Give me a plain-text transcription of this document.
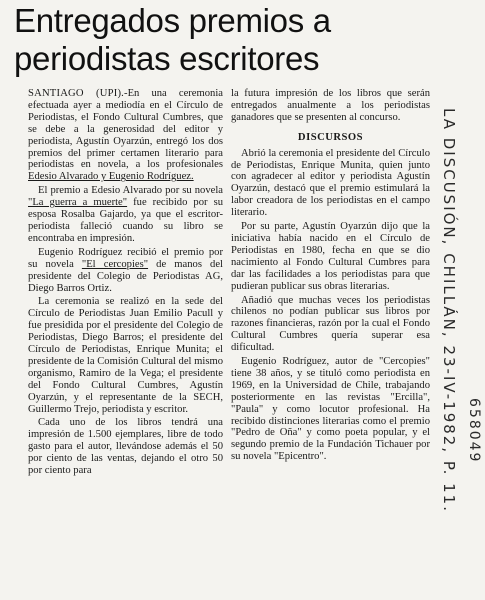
Entregados premios a
periodistas escritores

SANTIAGO (UPI).-En una ceremonia efectuada ayer a mediodía en el Círculo de Periodistas, el Fondo Cultural Cumbres, que se debe a la generosidad del editor y periodista, Agustín Oyarzún, entregó los dos premios del primer certamen literario para periodistas en novela, a los profesionales Edesio Alvarado y Eugenio Rodríguez.

El premio a Edesio Alvarado por su novela "La guerra a muerte" fue recibido por su esposa Rosalba Gajardo, ya que el escritor-periodista falleció cuando su libro se encontraba en impresión.

Eugenio Rodríguez recibió el premio por su novela "El cercopies" de manos del presidente del Colegio de Periodistas AG, Diego Barros Ortiz.

La ceremonia se realizó en la sede del Círculo de Periodistas Juan Emilio Pacull y fue presidida por el presidente del Colegio de Periodistas, Diego Barros; el presidente del Círculo de Periodistas, Enrique Munita; el presidente de la Comisión Cultural del mismo organismo, Ramiro de la Vega; el presidente del Fondo Cultural Cumbres, Agustín Oyarzún, y el representante de la SECH, Guillermo Trejo, periodista y escritor.

Cada uno de los libros tendrá una impresión de 1.500 ejemplares, libre de todo gasto para el autor, llevándose además el 50 por ciento de las ventas, dejando el otro 50 por ciento para

la futura impresión de los libros que serán entregados anualmente a los periodistas ganadores que se presenten al concurso.

DISCURSOS

Abrió la ceremonia el presidente del Círculo de Periodistas, Enrique Munita, quien junto con agradecer al editor y periodista Agustín Oyarzún, destacó que el premio estimulará la labor creadora de los periodistas en el campo literario.

Por su parte, Agustín Oyarzún dijo que la iniciativa había nacido en el Círculo de Periodistas en 1980, fecha en que se dio nacimiento al Fondo Cultural Cumbres para dar las facilidades a los periodistas para que pudieran publicar sus obras literarias.

Añadió que muchas veces los periodistas chilenos no podían publicar sus libros por razones financieras, razón por la cual el Fondo Cultural Cumbres quería superar esa dificultad.

Eugenio Rodríguez, autor de "Cercopies" tiene 38 años, y se tituló como periodista en 1969, en la Universidad de Chile, trabajando posteriormente en las revistas "Ercilla", "Paula" y como locutor profesional. Ha recibido distinciones literarias como el premio "Pedro de Oña" y como poeta popular, y el segundo premio de la Fundación Tichauer por su novela "Epicentro".	LA DISCUSIÓN, CHILLÁN, 23-IV-1982, P. 11. 658049
